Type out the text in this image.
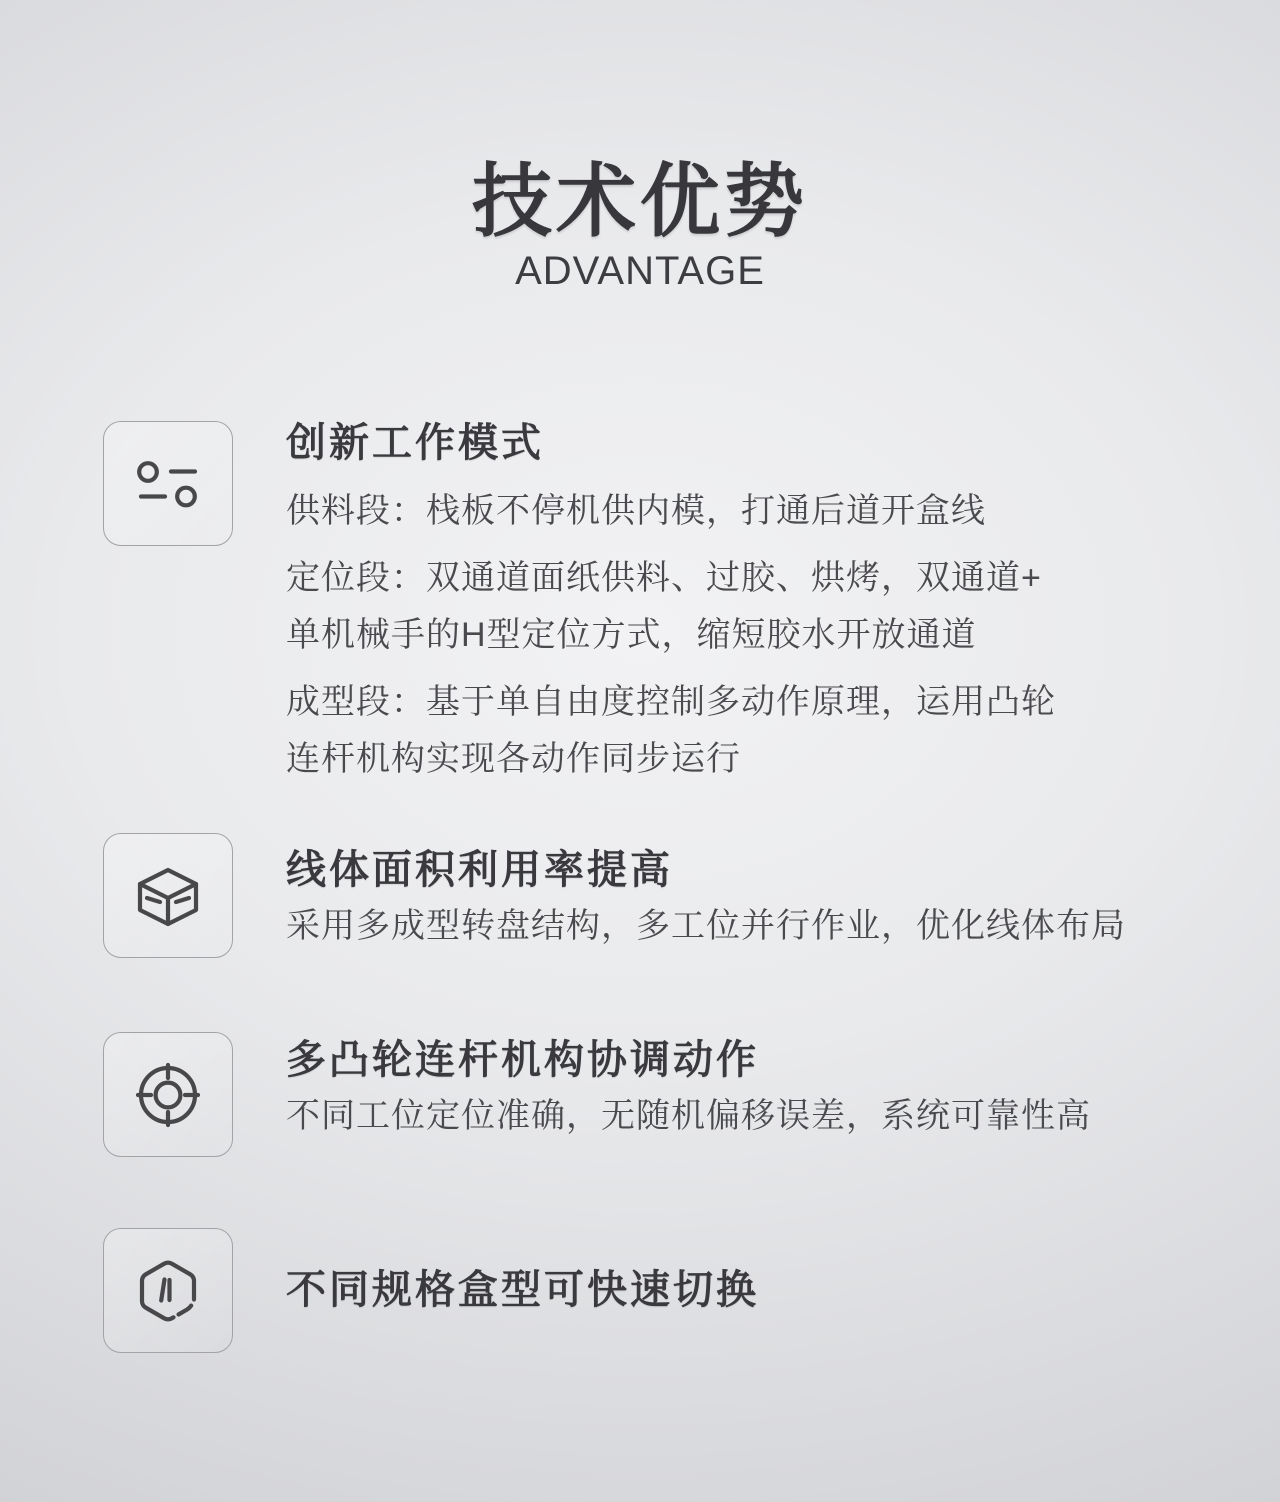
技术优势
ADVANTAGE
创新工作模式
供料段：栈板不停机供内模，打通后道开盒线
定位段：双通道面纸供料、过胶、烘烤，双通道+
单机械手的H型定位方式，缩短胶水开放通道
成型段：基于单自由度控制多动作原理，运用凸轮
连杆机构实现各动作同步运行
线体面积利用率提高
采用多成型转盘结构，多工位并行作业，优化线体布局
多凸轮连杆机构协调动作
不同工位定位准确，无随机偏移误差，系统可靠性高
不同规格盒型可快速切换
